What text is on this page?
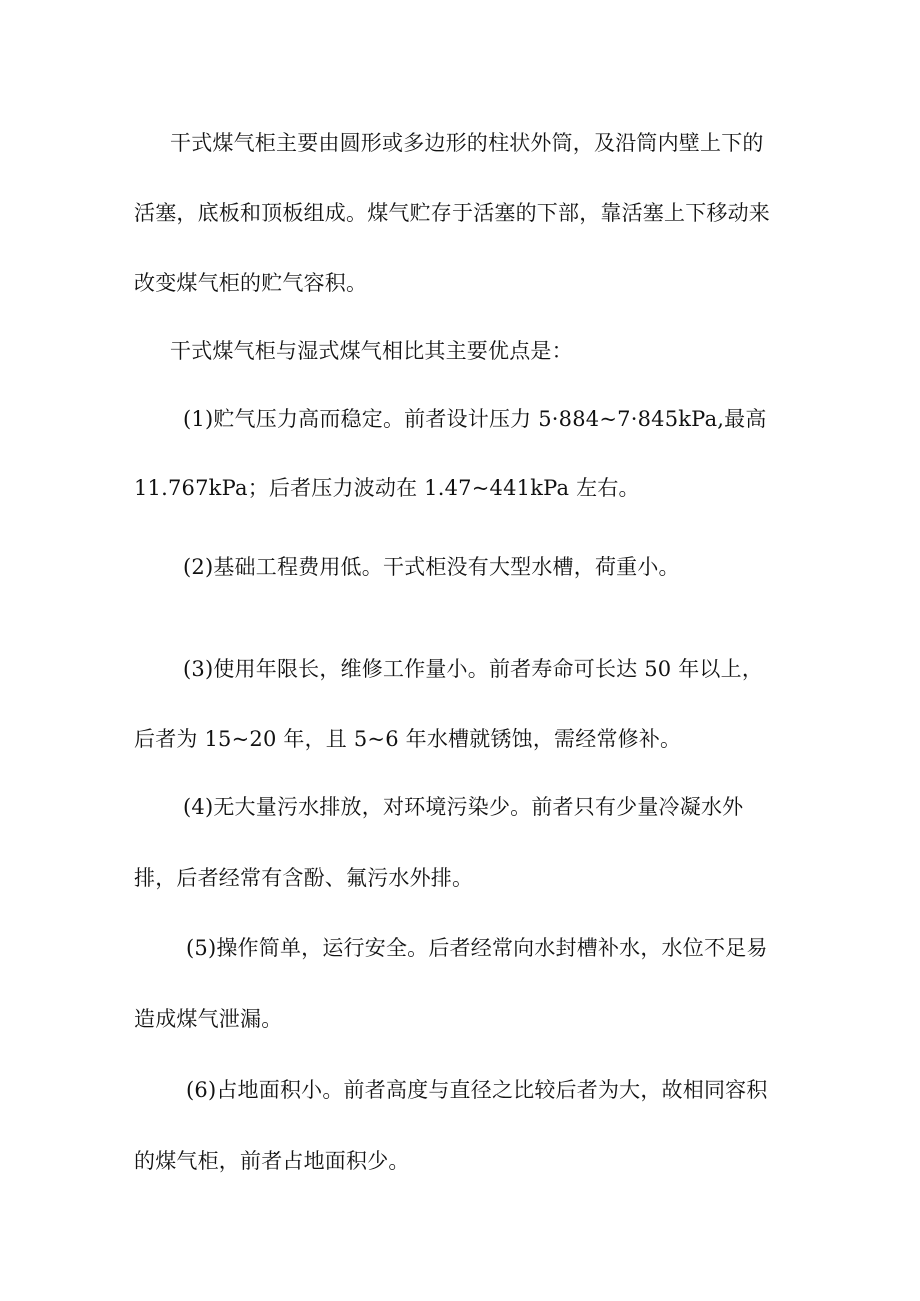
干式煤气柜主要由圆形或多边形的柱状外筒，及沿筒内壁上下的
活塞，底板和顶板组成。煤气贮存于活塞的下部，靠活塞上下移动来
改变煤气柜的贮气容积。
干式煤气柜与湿式煤气相比其主要优点是：
(1)贮气压力高而稳定。前者设计压力 5·884~7·845kPa,最高
11.767kPa；后者压力波动在 1.47~441kPa 左右。
(2)基础工程费用低。干式柜没有大型水槽，荷重小。
(3)使用年限长，维修工作量小。前者寿命可长达 50 年以上，
后者为 15~20 年，且 5~6 年水槽就锈蚀，需经常修补。
(4)无大量污水排放，对环境污染少。前者只有少量冷凝水外
排，后者经常有含酚、氟污水外排。
(5)操作简单，运行安全。后者经常向水封槽补水，水位不足易
造成煤气泄漏。
(6)占地面积小。前者高度与直径之比较后者为大，故相同容积
的煤气柜，前者占地面积少。
